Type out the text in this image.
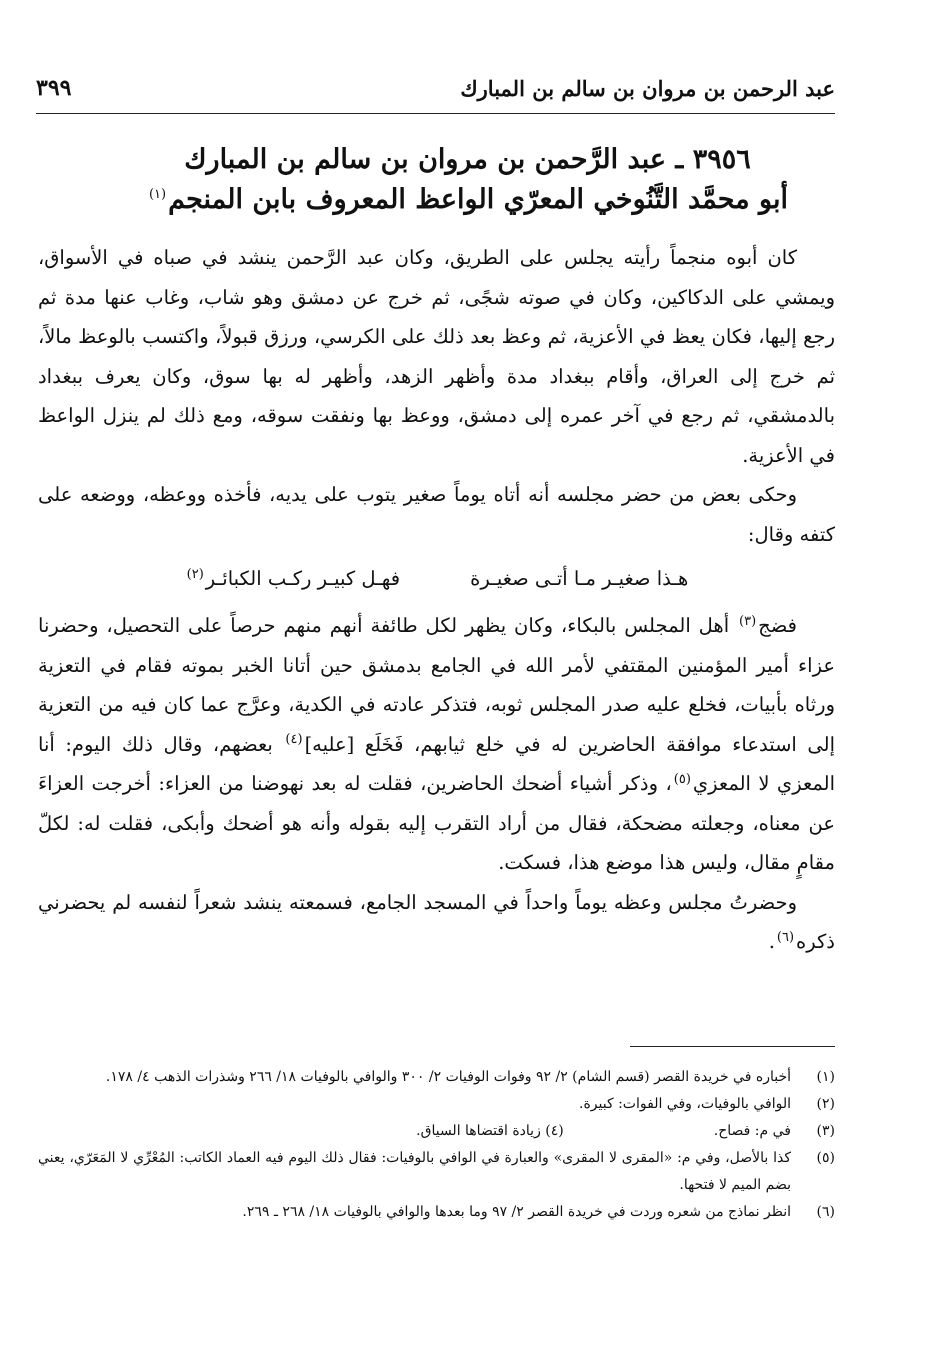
عبد الرحمن بن مروان بن سالم بن المبارك
٣٩٩
٣٩٥٦ ـ عبد الرَّحمن بن مروان بن سالم بن المبارك
أبو محمَّد التَّنُوخي المعرّي الواعظ المعروف بابن المنجم$^{(١)}$

كان أبوه منجماً رأيته يجلس على الطريق، وكان عبد الرَّحمن ينشد في صباه في الأسواق، ويمشي على الدكاكين، وكان في صوته شجًى، ثم خرج عن دمشق وهو شاب، وغاب عنها مدة ثم رجع إليها، فكان يعظ في الأعزية، ثم وعظ بعد ذلك على الكرسي، ورزق قبولاً، واكتسب بالوعظ مالاً، ثم خرج إلى العراق، وأقام ببغداد مدة وأظهر الزهد، وأظهر له بها سوق، وكان يعرف ببغداد بالدمشقي، ثم رجع في آخر عمره إلى دمشق، ووعظ بها ونفقت سوقه، ومع ذلك لم ينزل الواعظ في الأعزية.

وحكى بعض من حضر مجلسه أنه أتاه يوماً صغير يتوب على يديه، فأخذه ووعظه، ووضعه على كتفه وقال:

هـذا صغيـر مـا أتـى صغيـرة
فهـل كبيـر ركـب الكبائـر$^{(٢)}$

فضج$^{(٣)}$ أهل المجلس بالبكاء، وكان يظهر لكل طائفة أنهم منهم حرصاً على التحصيل، وحضرنا عزاء أمير المؤمنين المقتفي لأمر الله في الجامع بدمشق حين أتانا الخبر بموته فقام في التعزية ورثاه بأبيات، فخلع عليه صدر المجلس ثوبه، فتذكر عادته في الكدية، وعرَّج عما كان فيه من التعزية إلى استدعاء موافقة الحاضرين له في خلع ثيابهم، فَخَلَع [عليه]$^{(٤)}$ بعضهم، وقال ذلك اليوم: أنا المعزي لا المعزي$^{(٥)}$، وذكر أشياء أضحك الحاضرين، فقلت له بعد نهوضنا من العزاء: أخرجت العزاءَ عن معناه، وجعلته مضحكة، فقال من أراد التقرب إليه بقوله وأنه هو أضحك وأبكى، فقلت له: لكلّ مقامٍ مقال، وليس هذا موضع هذا، فسكت.

وحضرتُ مجلس وعظه يوماً واحداً في المسجد الجامع، فسمعته ينشد شعراً لنفسه لم يحضرني ذكره$^{(٦)}$.

(١)
أخباره في خريدة القصر (قسم الشام) ٢/ ٩٢ وفوات الوفيات ٢/ ٣٠٠ والوافي بالوفيات ١٨/ ٢٦٦ وشذرات الذهب ٤/ ١٧٨.
(٢)
الوافي بالوفيات، وفي الفوات: كبيرة.
(٣)
في م: فصاح.(٤) زيادة اقتضاها السياق.
(٥)
كذا بالأصل، وفي م: «المقرى لا المقرى» والعبارة في الوافي بالوفيات: فقال ذلك اليوم فيه العماد الكاتب: المُعْرِّي لا المَعَرّي، يعني بضم الميم لا فتحها.
(٦)
انظر نماذج من شعره وردت في خريدة القصر ٢/ ٩٧ وما بعدها والوافي بالوفيات ١٨/ ٢٦٨ ـ ٢٦٩.
